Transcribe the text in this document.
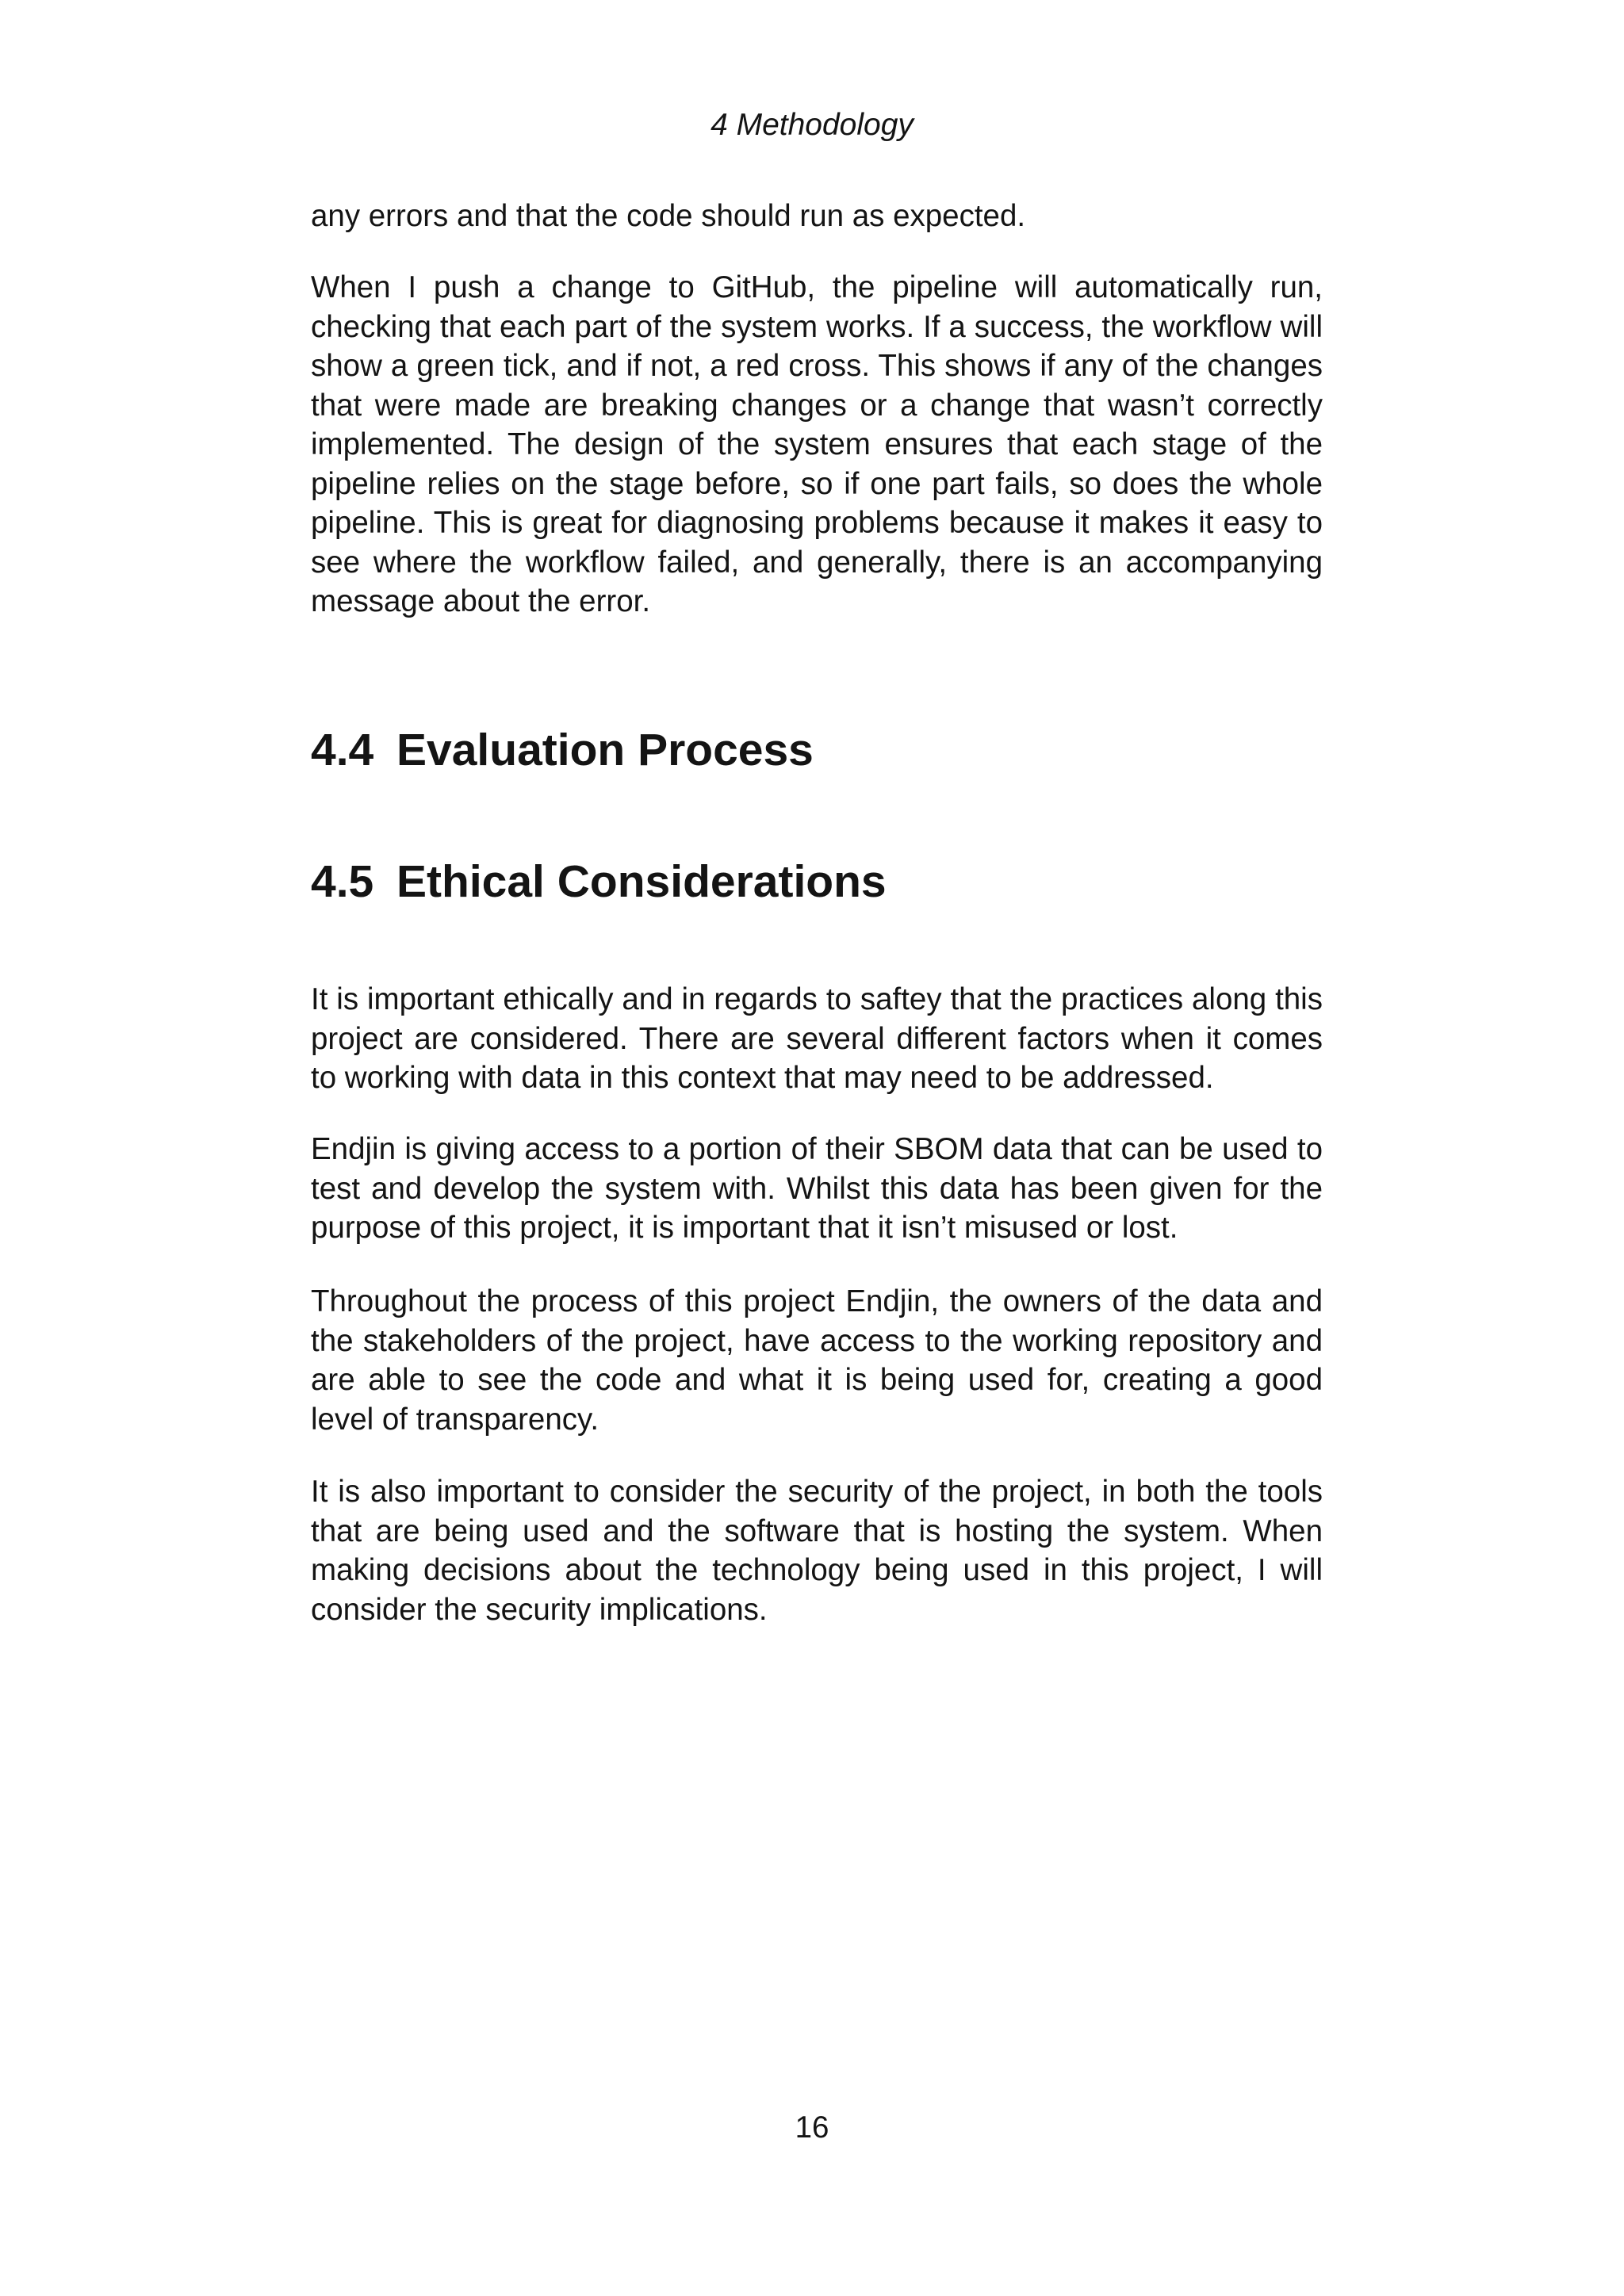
4 Methodology

any errors and that the code should run as expected.

When I push a change to GitHub, the pipeline will automatically run, checking that each part of the system works. If a success, the workflow will show a green tick, and if not, a red cross. This shows if any of the changes that were made are breaking changes or a change that wasn’t correctly implemented. The design of the system ensures that each stage of the pipeline relies on the stage before, so if one part fails, so does the whole pipeline. This is great for diagnosing problems because it makes it easy to see where the workflow failed, and generally, there is an accompanying message about the error.

4.4 Evaluation Process
4.5 Ethical Considerations

It is important ethically and in regards to saftey that the practices along this project are considered. There are several different factors when it comes to working with data in this context that may need to be addressed.

Endjin is giving access to a portion of their SBOM data that can be used to test and develop the system with. Whilst this data has been given for the purpose of this project, it is important that it isn’t misused or lost.

Throughout the process of this project Endjin, the owners of the data and the stakeholders of the project, have access to the working repository and are able to see the code and what it is being used for, creating a good level of transparency.

It is also important to consider the security of the project, in both the tools that are being used and the software that is hosting the system. When making decisions about the technology being used in this project, I will consider the security implications.

16
